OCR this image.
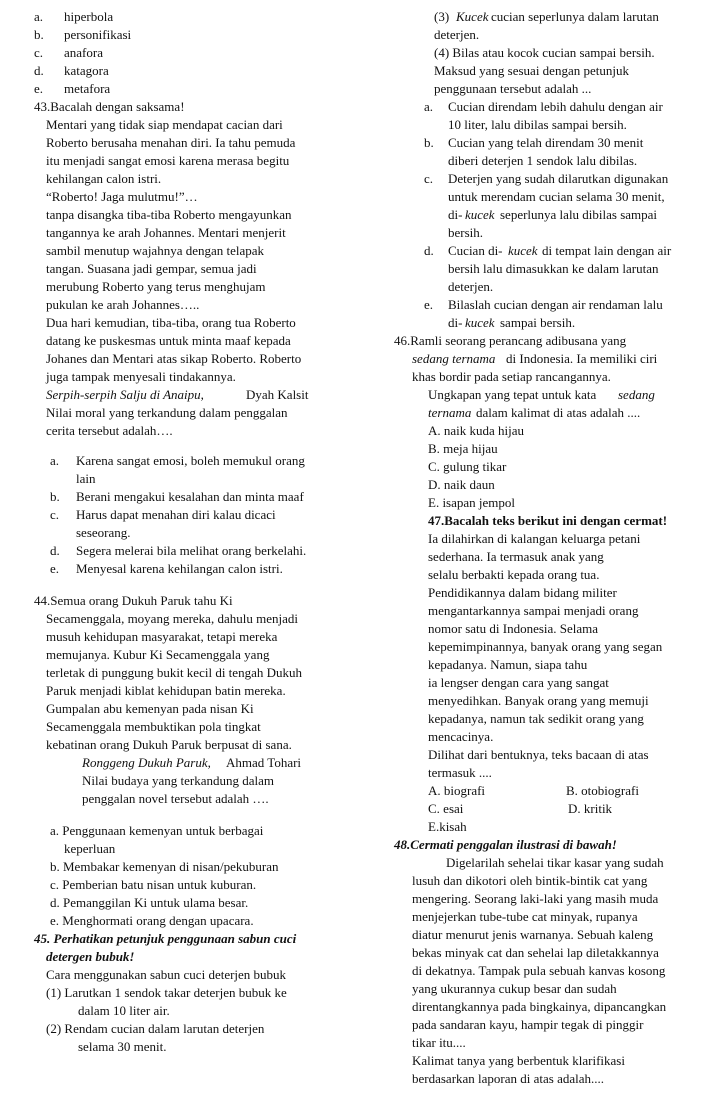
a. hiperbola
b. personifikasi
c. anafora
d. katagora
e. metafora
43.Bacalah dengan saksama!
Mentari yang tidak siap mendapat cacian dari
Roberto berusaha menahan diri. Ia tahu pemuda
itu menjadi sangat emosi karena merasa begitu
kehilangan calon istri.
“Roberto! Jaga mulutmu!”…
tanpa disangka tiba-tiba Roberto mengayunkan
tangannya ke arah Johannes. Mentari menjerit
sambil menutup wajahnya dengan telapak
tangan. Suasana jadi gempar, semua jadi
merubung Roberto yang terus menghujam
pukulan ke arah Johannes…..
Dua hari kemudian, tiba-tiba, orang tua Roberto
datang ke puskesmas untuk minta maaf kepada
Johanes dan Mentari atas sikap Roberto. Roberto
juga tampak menyesali tindakannya.
Serpih-serpih Salju di Anaipu,	Dyah Kalsit
Nilai moral yang terkandung dalam penggalan
cerita tersebut adalah….
a. Karena sangat emosi, boleh memukul orang
lain
b. Berani mengakui kesalahan dan minta maaf
c. Harus dapat menahan diri kalau dicaci
seseorang.
d. Segera melerai bila melihat orang berkelahi.
e. Menyesal karena kehilangan calon istri.
44.Semua orang Dukuh Paruk tahu Ki
Secamenggala, moyang mereka, dahulu menjadi
musuh kehidupan masyarakat, tetapi mereka
memujanya. Kubur Ki Secamenggala yang
terletak di punggung bukit kecil di tengah Dukuh
Paruk menjadi kiblat kehidupan batin mereka.
Gumpalan abu kemenyan pada nisan Ki
Secamenggala membuktikan pola tingkat
kebatinan orang Dukuh Paruk berpusat di sana.
Ronggeng Dukuh Paruk, Ahmad Tohari
Nilai budaya yang terkandung dalam
penggalan novel tersebut adalah ….
a. Penggunaan kemenyan untuk berbagai
keperluan
b. Membakar kemenyan di nisan/pekuburan
c. Pemberian batu nisan untuk kuburan.
d. Pemanggilan Ki untuk ulama besar.
e. Menghormati orang dengan upacara.
45. Perhatikan petunjuk penggunaan sabun cuci
detergen bubuk!
Cara menggunakan sabun cuci deterjen bubuk
(1) Larutkan 1 sendok takar deterjen bubuk ke
dalam 10 liter air.
(2) Rendam cucian dalam larutan deterjen
selama 30 menit.
(3) Kucek cucian seperlunya dalam larutan
deterjen.
(4) Bilas atau kocok cucian sampai bersih.
Maksud yang sesuai dengan petunjuk
penggunaan tersebut adalah ...
a. Cucian direndam lebih dahulu dengan air
10 liter, lalu dibilas sampai bersih.
b. Cucian yang telah direndam 30 menit
diberi deterjen 1 sendok lalu dibilas.
c. Deterjen yang sudah dilarutkan digunakan
untuk merendam cucian selama 30 menit,
di- kucek seperlunya lalu dibilas sampai
bersih.
d. Cucian di- kucek di tempat lain dengan air
bersih lalu dimasukkan ke dalam larutan
deterjen.
e. Bilaslah cucian dengan air rendaman lalu
di- kucek sampai bersih.
46.Ramli seorang perancang adibusana yang
sedang ternama di Indonesia. Ia memiliki ciri
khas bordir pada setiap rancangannya.
Ungkapan yang tepat untuk kata sedang
ternama dalam kalimat di atas adalah ....
A. naik kuda hijau
B. meja hijau
C. gulung tikar
D. naik daun
E. isapan jempol
47.Bacalah teks berikut ini dengan cermat!
Ia dilahirkan di kalangan keluarga petani
sederhana. Ia termasuk anak yang
selalu berbakti kepada orang tua.
Pendidikannya dalam bidang militer
mengantarkannya sampai menjadi orang
nomor satu di Indonesia. Selama
kepemimpinannya, banyak orang yang segan
kepadanya. Namun, siapa tahu
ia lengser dengan cara yang sangat
menyedihkan. Banyak orang yang memuji
kepadanya, namun tak sedikit orang yang
mencacinya.
Dilihat dari bentuknya, teks bacaan di atas
termasuk ....
A. biografi	B. otobiografi
C. esai	D. kritik
E.kisah
48.Cermati penggalan ilustrasi di bawah!
Digelarilah sehelai tikar kasar yang sudah
lusuh dan dikotori oleh bintik-bintik cat yang
mengering. Seorang laki-laki yang masih muda
menjejerkan tube-tube cat minyak, rupanya
diatur menurut jenis warnanya. Sebuah kaleng
bekas minyak cat dan sehelai lap diletakkannya
di dekatnya. Tampak pula sebuah kanvas kosong
yang ukurannya cukup besar dan sudah
direntangkannya pada bingkainya, dipancangkan
pada sandaran kayu, hampir tegak di pinggir
tikar itu....
Kalimat tanya yang berbentuk klarifikasi
berdasarkan laporan di atas adalah....
